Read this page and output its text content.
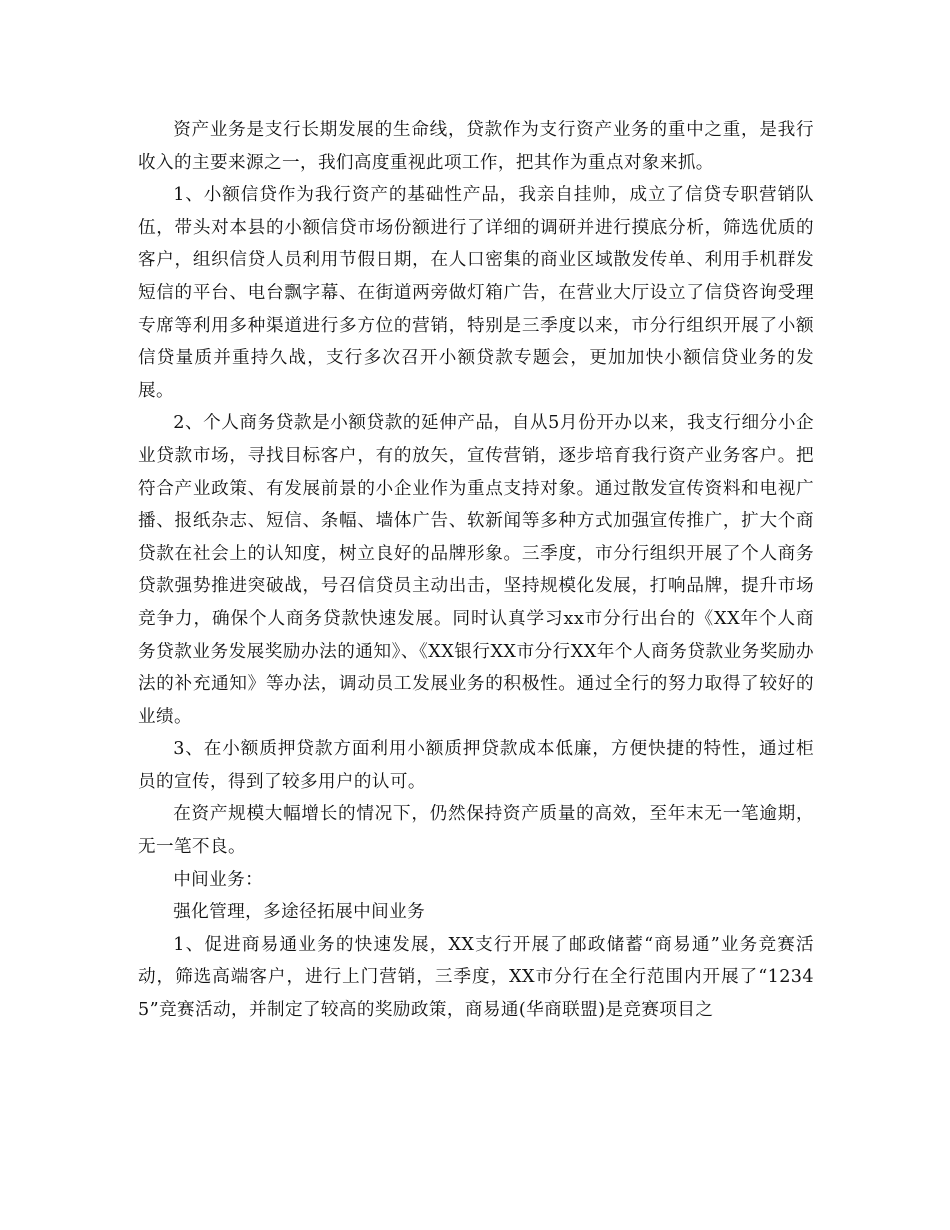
资产业务是支行长期发展的生命线，贷款作为支行资产业务的重中之重，是我行收入的主要来源之一，我们高度重视此项工作，把其作为重点对象来抓。

1、小额信贷作为我行资产的基础性产品，我亲自挂帅，成立了信贷专职营销队伍，带头对本县的小额信贷市场份额进行了详细的调研并进行摸底分析，筛选优质的客户，组织信贷人员利用节假日期，在人口密集的商业区域散发传单、利用手机群发短信的平台、电台飘字幕、在街道两旁做灯箱广告，在营业大厅设立了信贷咨询受理专席等利用多种渠道进行多方位的营销，特别是三季度以来，市分行组织开展了小额信贷量质并重持久战，支行多次召开小额贷款专题会，更加加快小额信贷业务的发展。

2、个人商务贷款是小额贷款的延伸产品，自从5月份开办以来，我支行细分小企业贷款市场，寻找目标客户，有的放矢，宣传营销，逐步培育我行资产业务客户。把符合产业政策、有发展前景的小企业作为重点支持对象。通过散发宣传资料和电视广播、报纸杂志、短信、条幅、墙体广告、软新闻等多种方式加强宣传推广，扩大个商贷款在社会上的认知度，树立良好的品牌形象。三季度，市分行组织开展了个人商务贷款强势推进突破战，号召信贷员主动出击，坚持规模化发展，打响品牌，提升市场竞争力，确保个人商务贷款快速发展。同时认真学习xx市分行出台的《XX年个人商务贷款业务发展奖励办法的通知》、《XX银行XX市分行XX年个人商务贷款业务奖励办法的补充通知》等办法，调动员工发展业务的积极性。通过全行的努力取得了较好的业绩。

3、在小额质押贷款方面利用小额质押贷款成本低廉，方便快捷的特性，通过柜员的宣传，得到了较多用户的认可。

在资产规模大幅增长的情况下，仍然保持资产质量的高效，至年末无一笔逾期，无一笔不良。

中间业务：

强化管理，多途径拓展中间业务

1、促进商易通业务的快速发展，XX支行开展了邮政储蓄“商易通”业务竞赛活动，筛选高端客户，进行上门营销，三季度，XX市分行在全行范围内开展了“12345”竞赛活动，并制定了较高的奖励政策，商易通(华商联盟)是竞赛项目之
